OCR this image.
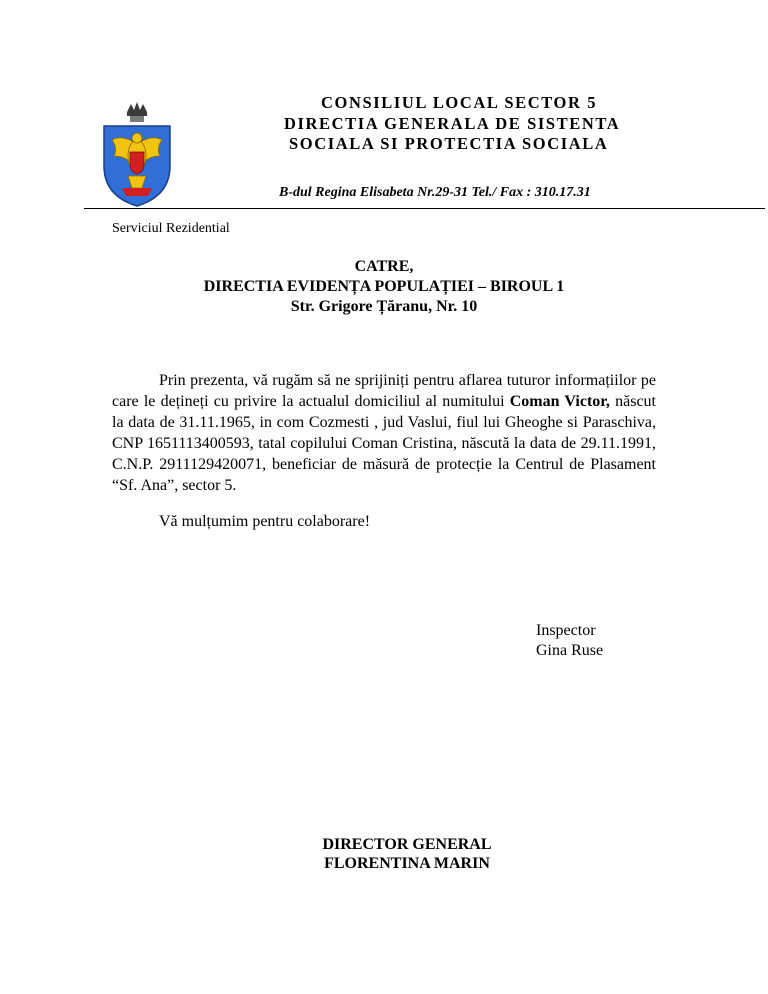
CONSILIUL LOCAL SECTOR 5
DIRECTIA GENERALA DE SISTENTA
SOCIALA SI PROTECTIA SOCIALA
B-dul Regina Elisabeta Nr.29-31 Tel./ Fax : 310.17.31
Serviciul Rezidential
CATRE,
DIRECTIA EVIDENȚA POPULAȚIEI – BIROUL 1
Str. Grigore Țăranu, Nr. 10

Prin prezenta, vă rugăm să ne sprijiniți pentru aflarea tuturor informațiilor pe care le dețineți cu privire la actualul domiciliul al numitului Coman Victor, născut la data de 31.11.1965, in com Cozmesti , jud Vaslui, fiul lui Gheoghe si Paraschiva, CNP 1651113400593, tatal copilului Coman Cristina, născută la data de 29.11.1991, C.N.P. 2911129420071, beneficiar de măsură de protecție la Centrul de Plasament “Sf. Ana”, sector 5.

Vă mulțumim pentru colaborare!
Inspector
Gina Ruse
DIRECTOR GENERAL
FLORENTINA MARIN
